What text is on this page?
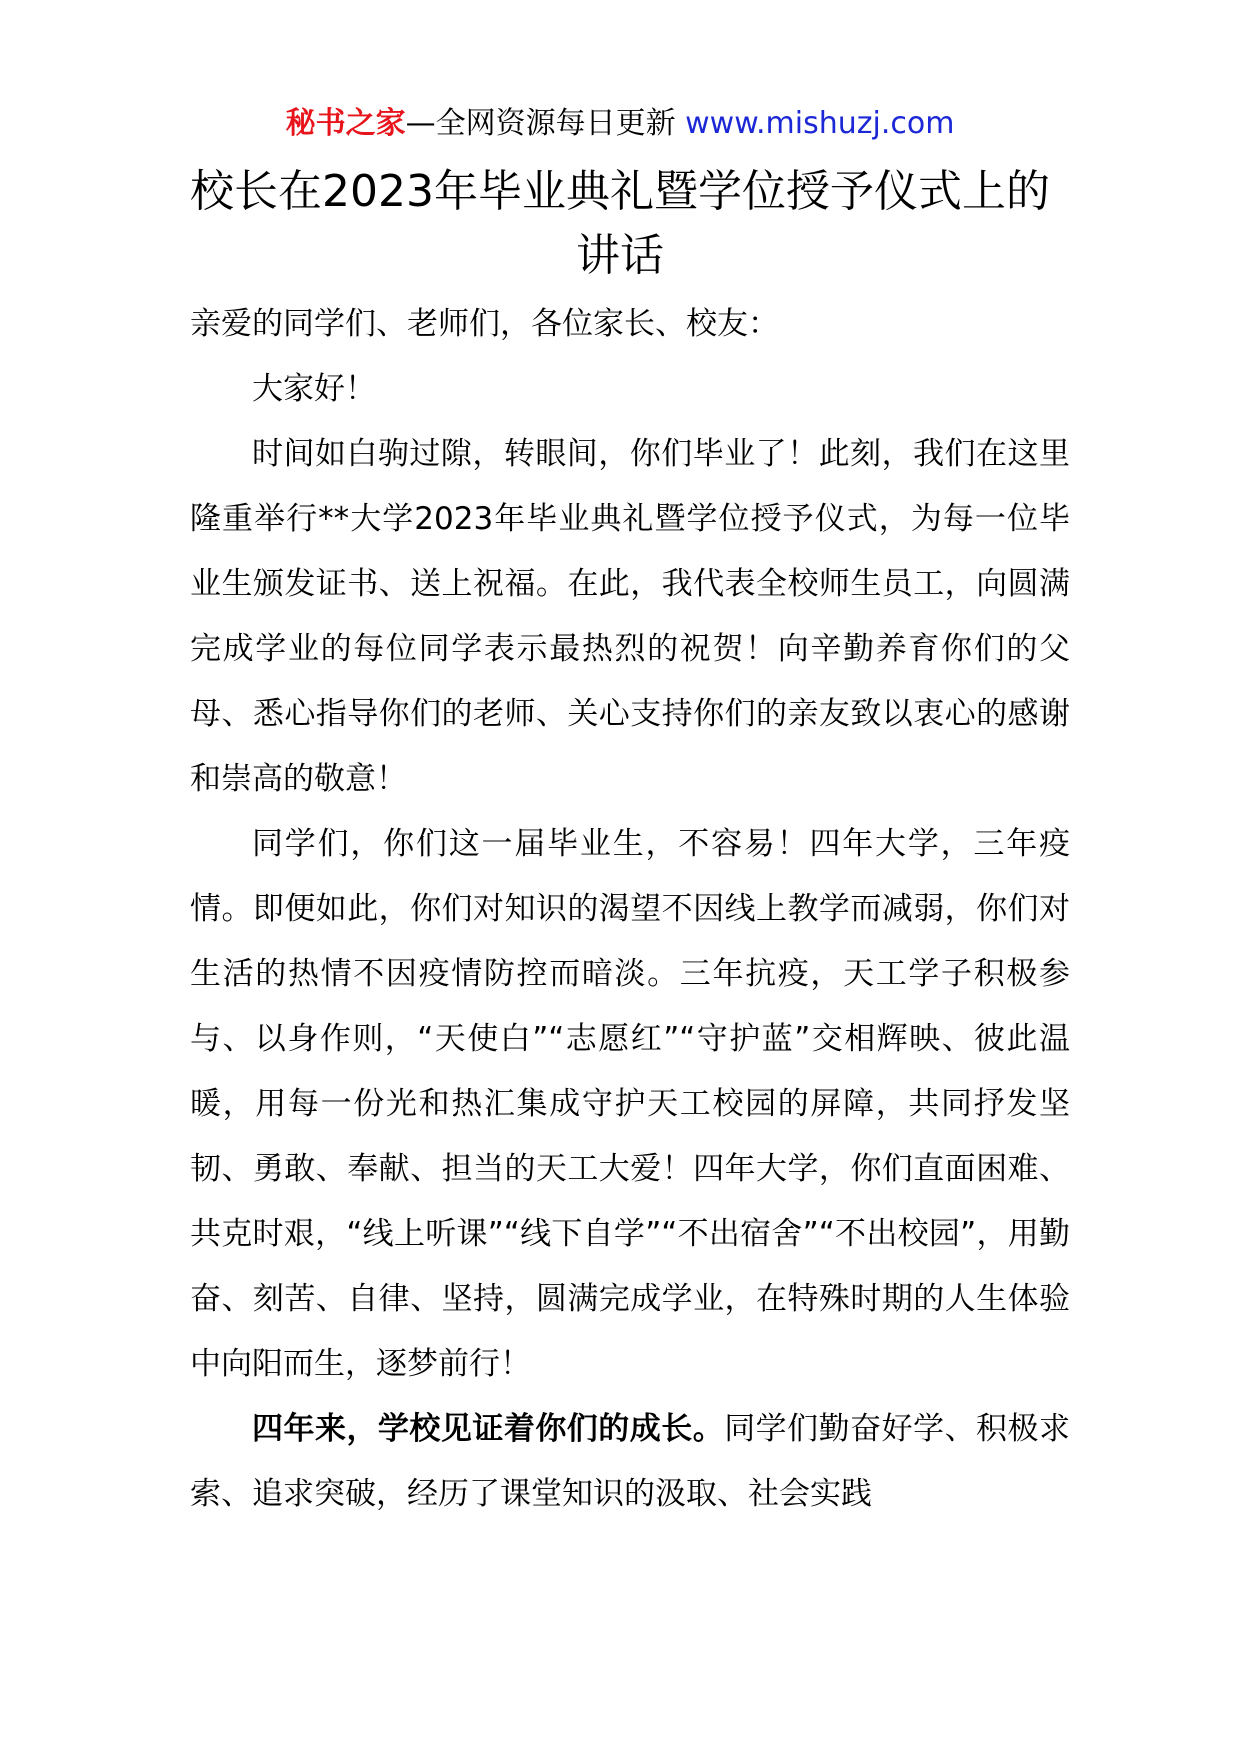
秘书之家—全网资源每日更新 www.mishuzj.com
校长在2023年毕业典礼暨学位授予仪式上的讲话

亲爱的同学们、老师们，各位家长、校友：

大家好！

时间如白驹过隙，转眼间，你们毕业了！此刻，我们在这里隆重举行**大学2023年毕业典礼暨学位授予仪式，为每一位毕业生颁发证书、送上祝福。在此，我代表全校师生员工，向圆满完成学业的每位同学表示最热烈的祝贺！向辛勤养育你们的父母、悉心指导你们的老师、关心支持你们的亲友致以衷心的感谢和崇高的敬意！

同学们，你们这一届毕业生，不容易！四年大学，三年疫情。即便如此，你们对知识的渴望不因线上教学而减弱，你们对生活的热情不因疫情防控而暗淡。三年抗疫，天工学子积极参与、以身作则，“天使白”“志愿红”“守护蓝”交相辉映、彼此温暖，用每一份光和热汇集成守护天工校园的屏障，共同抒发坚韧、勇敢、奉献、担当的天工大爱！四年大学，你们直面困难、共克时艰，“线上听课”“线下自学”“不出宿舍”“不出校园”，用勤奋、刻苦、自律、坚持，圆满完成学业，在特殊时期的人生体验中向阳而生，逐梦前行！

四年来，学校见证着你们的成长。同学们勤奋好学、积极求索、追求突破，经历了课堂知识的汲取、社会实践
